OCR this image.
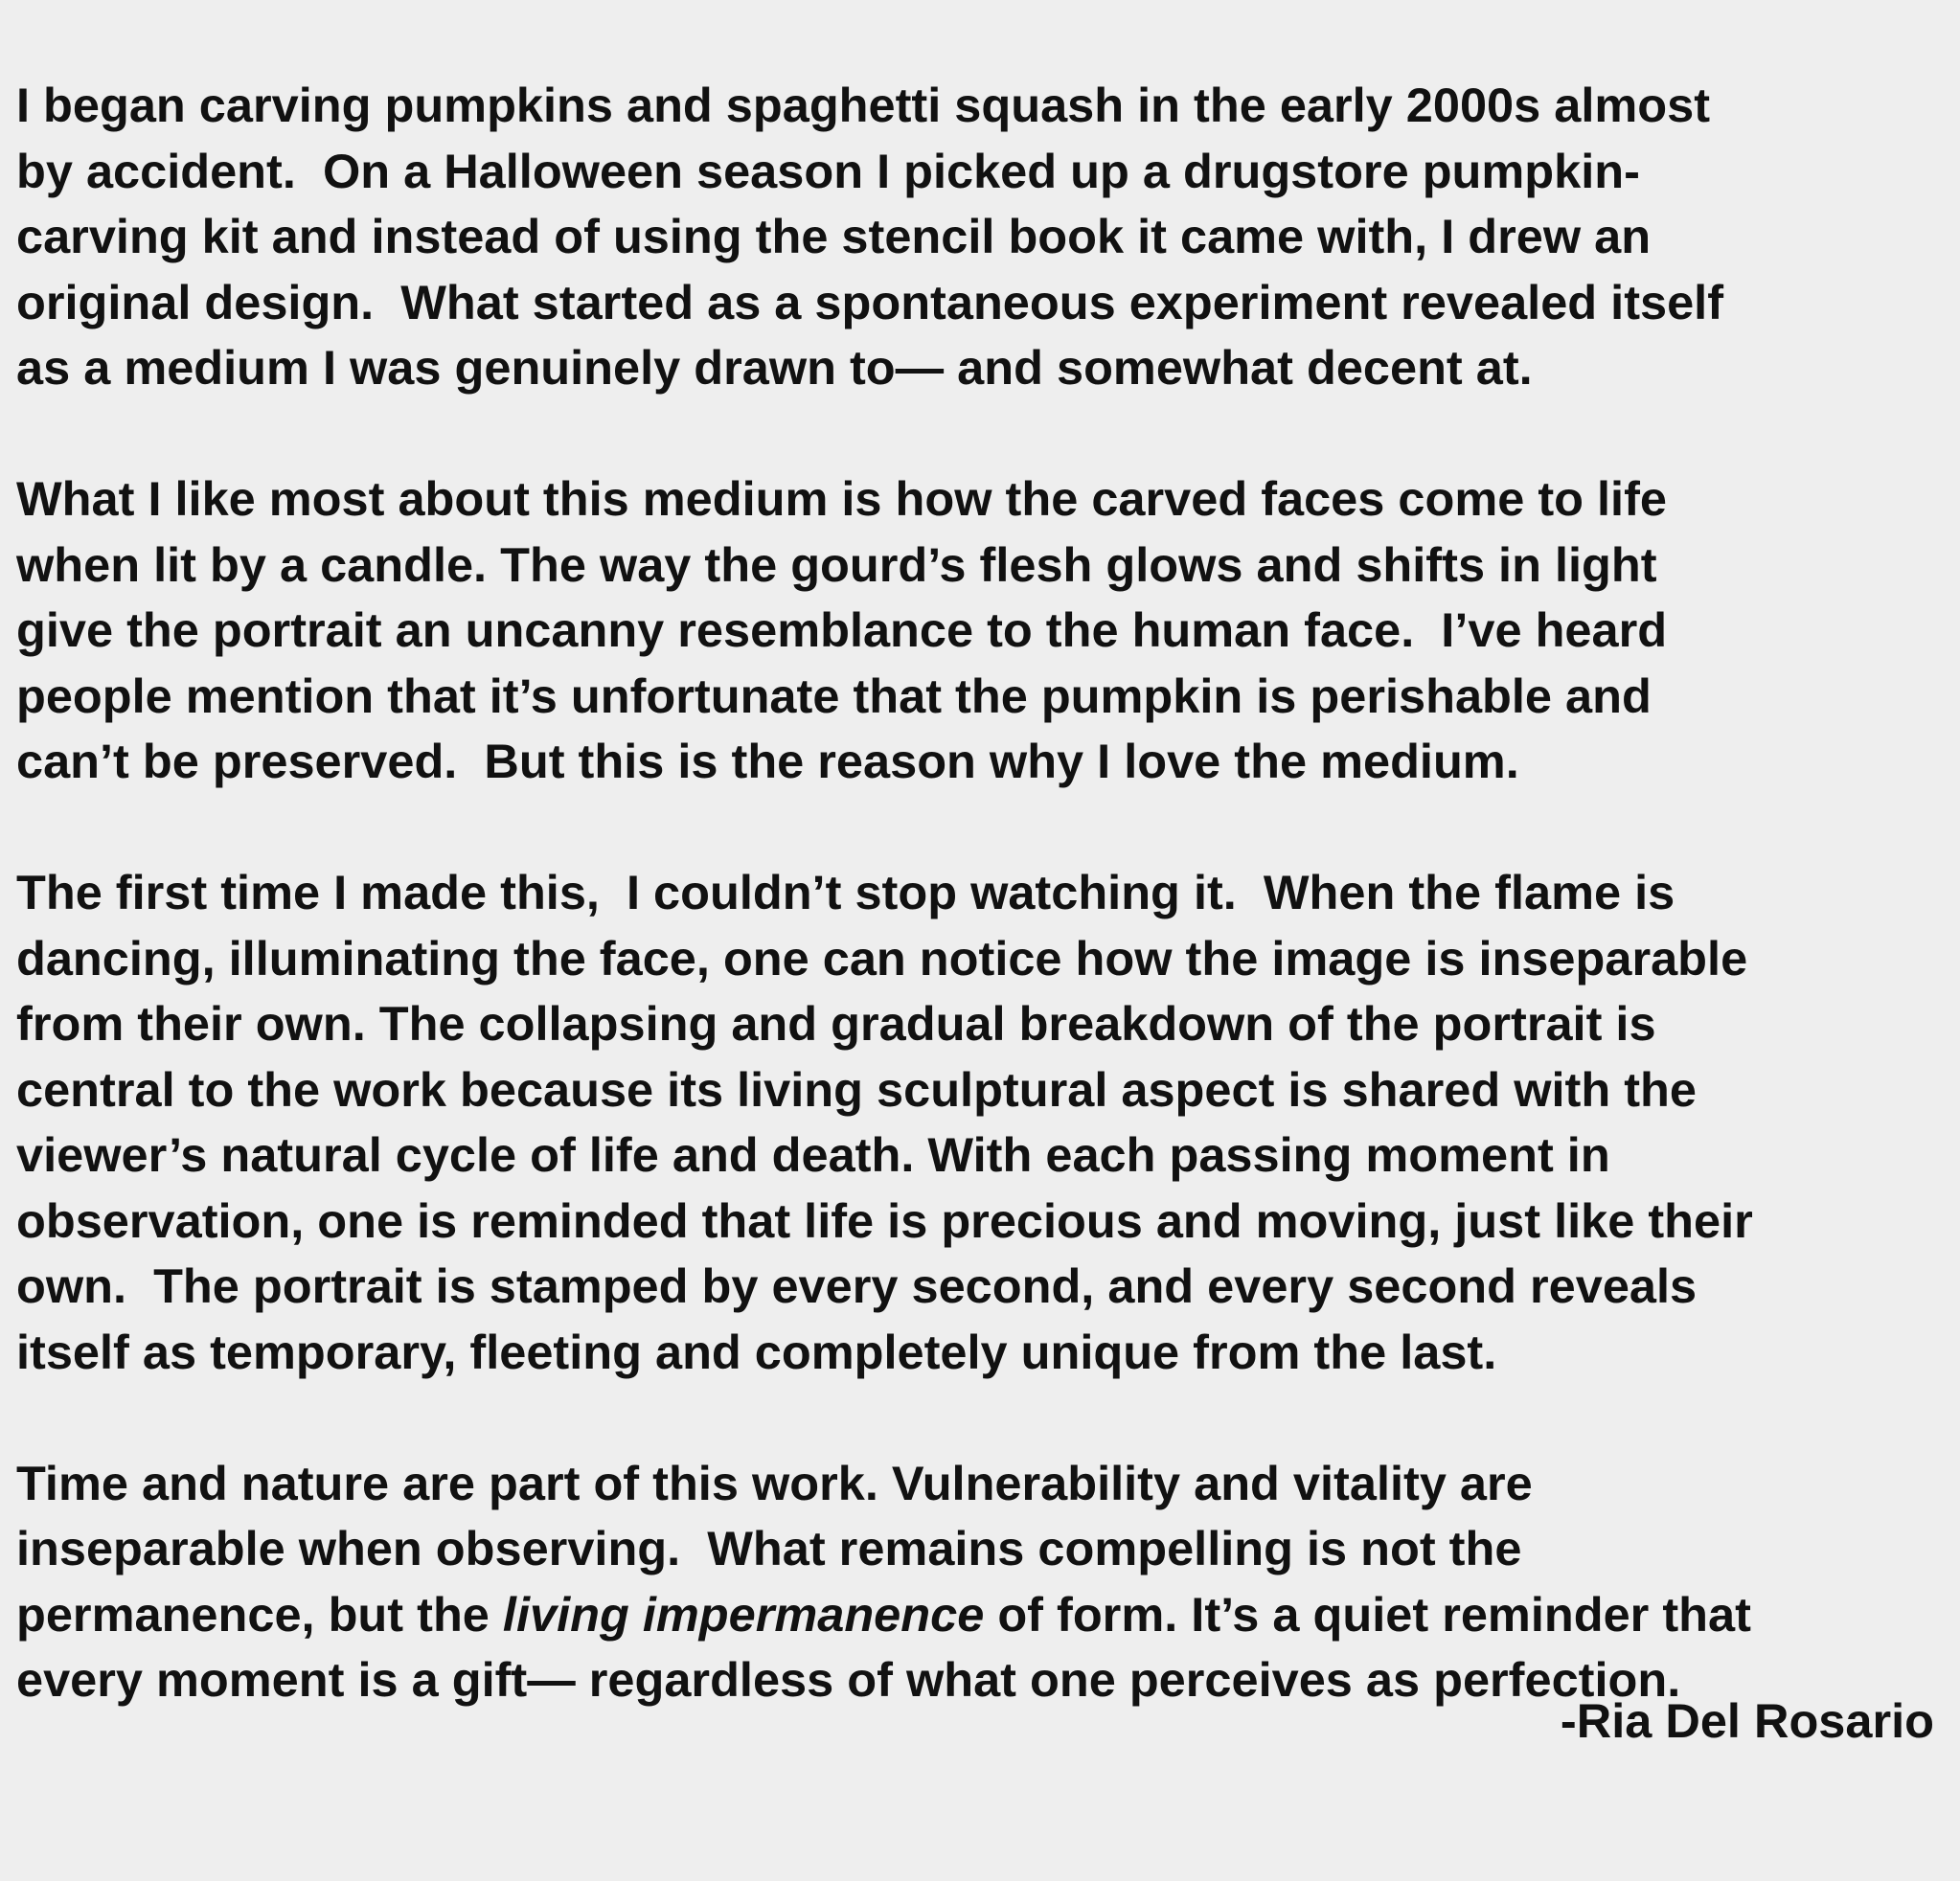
I began carving pumpkins and spaghetti squash in the early 2000s almost
by accident.  On a Halloween season I picked up a drugstore pumpkin-
carving kit and instead of using the stencil book it came with, I drew an
original design.  What started as a spontaneous experiment revealed itself
as a medium I was genuinely drawn to— and somewhat decent at.
What I like most about this medium is how the carved faces come to life
when lit by a candle. The way the gourd’s flesh glows and shifts in light
give the portrait an uncanny resemblance to the human face.  I’ve heard
people mention that it’s unfortunate that the pumpkin is perishable and
can’t be preserved.  But this is the reason why I love the medium.
The first time I made this,  I couldn’t stop watching it.  When the flame is
dancing, illuminating the face, one can notice how the image is inseparable
from their own. The collapsing and gradual breakdown of the portrait is
central to the work because its living sculptural aspect is shared with the
viewer’s natural cycle of life and death. With each passing moment in
observation, one is reminded that life is precious and moving, just like their
own.  The portrait is stamped by every second, and every second reveals
itself as temporary, fleeting and completely unique from the last.
Time and nature are part of this work. Vulnerability and vitality are
inseparable when observing.  What remains compelling is not the
permanence, but the living impermanence of form. It’s a quiet reminder that
every moment is a gift— regardless of what one perceives as perfection.
-Ria Del Rosario
